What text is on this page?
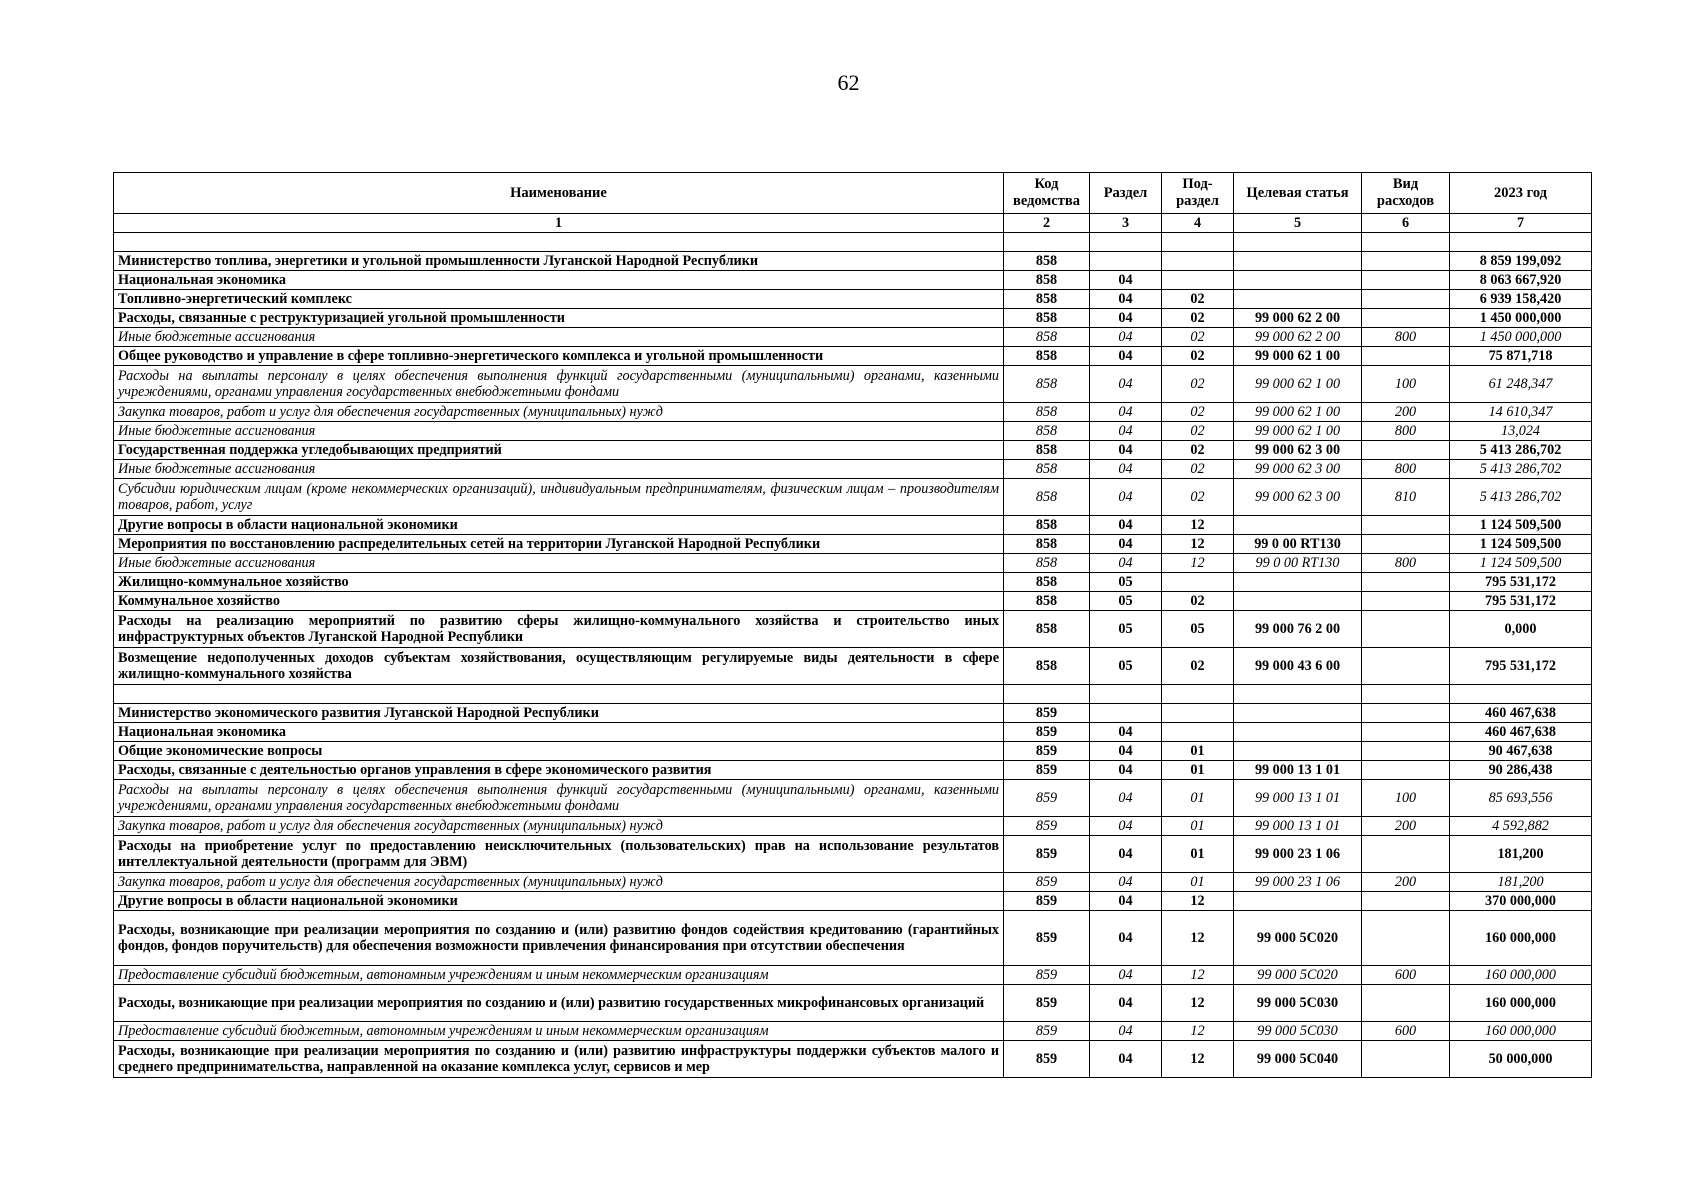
62
Наименование	Код ведомства	Раздел	Под-раздел	Целевая статья	Вид расходов	2023 год
1	2	3	4	5	6	7

Министерство топлива, энергетики и угольной промышленности Луганской Народной Республики	858					8 859 199,092
Национальная экономика	858	04				8 063 667,920
Топливно-энергетический комплекс	858	04	02			6 939 158,420
Расходы, связанные с реструктуризацией угольной промышленности	858	04	02	99 000 62 2 00		1 450 000,000
Иные бюджетные ассигнования	858	04	02	99 000 62 2 00	800	1 450 000,000
Общее руководство и управление в сфере топливно-энергетического комплекса и угольной промышленности	858	04	02	99 000 62 1 00		75 871,718
Расходы на выплаты персоналу в целях обеспечения выполнения функций государственными (муниципальными) органами, казенными учреждениями, органами управления государственных внебюджетными фондами	858	04	02	99 000 62 1 00	100	61 248,347
Закупка товаров, работ и услуг для обеспечения государственных (муниципальных) нужд	858	04	02	99 000 62 1 00	200	14 610,347
Иные бюджетные ассигнования	858	04	02	99 000 62 1 00	800	13,024
Государственная поддержка угледобывающих предприятий	858	04	02	99 000 62 3 00		5 413 286,702
Иные бюджетные ассигнования	858	04	02	99 000 62 3 00	800	5 413 286,702
Субсидии юридическим лицам (кроме некоммерческих организаций), индивидуальным предпринимателям, физическим лицам – производителям товаров, работ, услуг	858	04	02	99 000 62 3 00	810	5 413 286,702
Другие вопросы в области национальной экономики	858	04	12			1 124 509,500
Мероприятия по восстановлению распределительных сетей на территории Луганской Народной Республики	858	04	12	99 0 00 RT130		1 124 509,500
Иные бюджетные ассигнования	858	04	12	99 0 00 RT130	800	1 124 509,500
Жилищно-коммунальное хозяйство	858	05				795 531,172
Коммунальное хозяйство	858	05	02			795 531,172
Расходы на реализацию мероприятий по развитию сферы жилищно-коммунального хозяйства и строительство иных инфраструктурных объектов Луганской Народной Республики	858	05	05	99 000 76 2 00		0,000
Возмещение недополученных доходов субъектам хозяйствования, осуществляющим регулируемые виды деятельности в сфере жилищно-коммунального хозяйства	858	05	02	99 000 43 6 00		795 531,172

Министерство экономического развития Луганской Народной Республики	859					460 467,638
Национальная экономика	859	04				460 467,638
Общие экономические вопросы	859	04	01			90 467,638
Расходы, связанные с деятельностью органов управления в сфере экономического развития	859	04	01	99 000 13 1 01		90 286,438
Расходы на выплаты персоналу в целях обеспечения выполнения функций государственными (муниципальными) органами, казенными учреждениями, органами управления государственных внебюджетными фондами	859	04	01	99 000 13 1 01	100	85 693,556
Закупка товаров, работ и услуг для обеспечения государственных (муниципальных) нужд	859	04	01	99 000 13 1 01	200	4 592,882
Расходы на приобретение услуг по предоставлению неисключительных (пользовательских) прав на использование результатов интеллектуальной деятельности (программ для ЭВМ)	859	04	01	99 000 23 1 06		181,200
Закупка товаров, работ и услуг для обеспечения государственных (муниципальных) нужд	859	04	01	99 000 23 1 06	200	181,200
Другие вопросы в области национальной экономики	859	04	12			370 000,000
Расходы, возникающие при реализации мероприятия по созданию и (или) развитию фондов содействия кредитованию (гарантийных фондов, фондов поручительств) для обеспечения возможности привлечения финансирования при отсутствии обеспечения	859	04	12	99 000 5С020		160 000,000
Предоставление субсидий бюджетным, автономным учреждениям и иным некоммерческим организациям	859	04	12	99 000 5С020	600	160 000,000
Расходы, возникающие при реализации мероприятия по созданию и (или) развитию государственных микрофинансовых организаций	859	04	12	99 000 5С030		160 000,000
Предоставление субсидий бюджетным, автономным учреждениям и иным некоммерческим организациям	859	04	12	99 000 5С030	600	160 000,000
Расходы, возникающие при реализации мероприятия по созданию и (или) развитию инфраструктуры поддержки субъектов малого и среднего предпринимательства, направленной на оказание комплекса услуг, сервисов и мер	859	04	12	99 000 5С040		50 000,000
